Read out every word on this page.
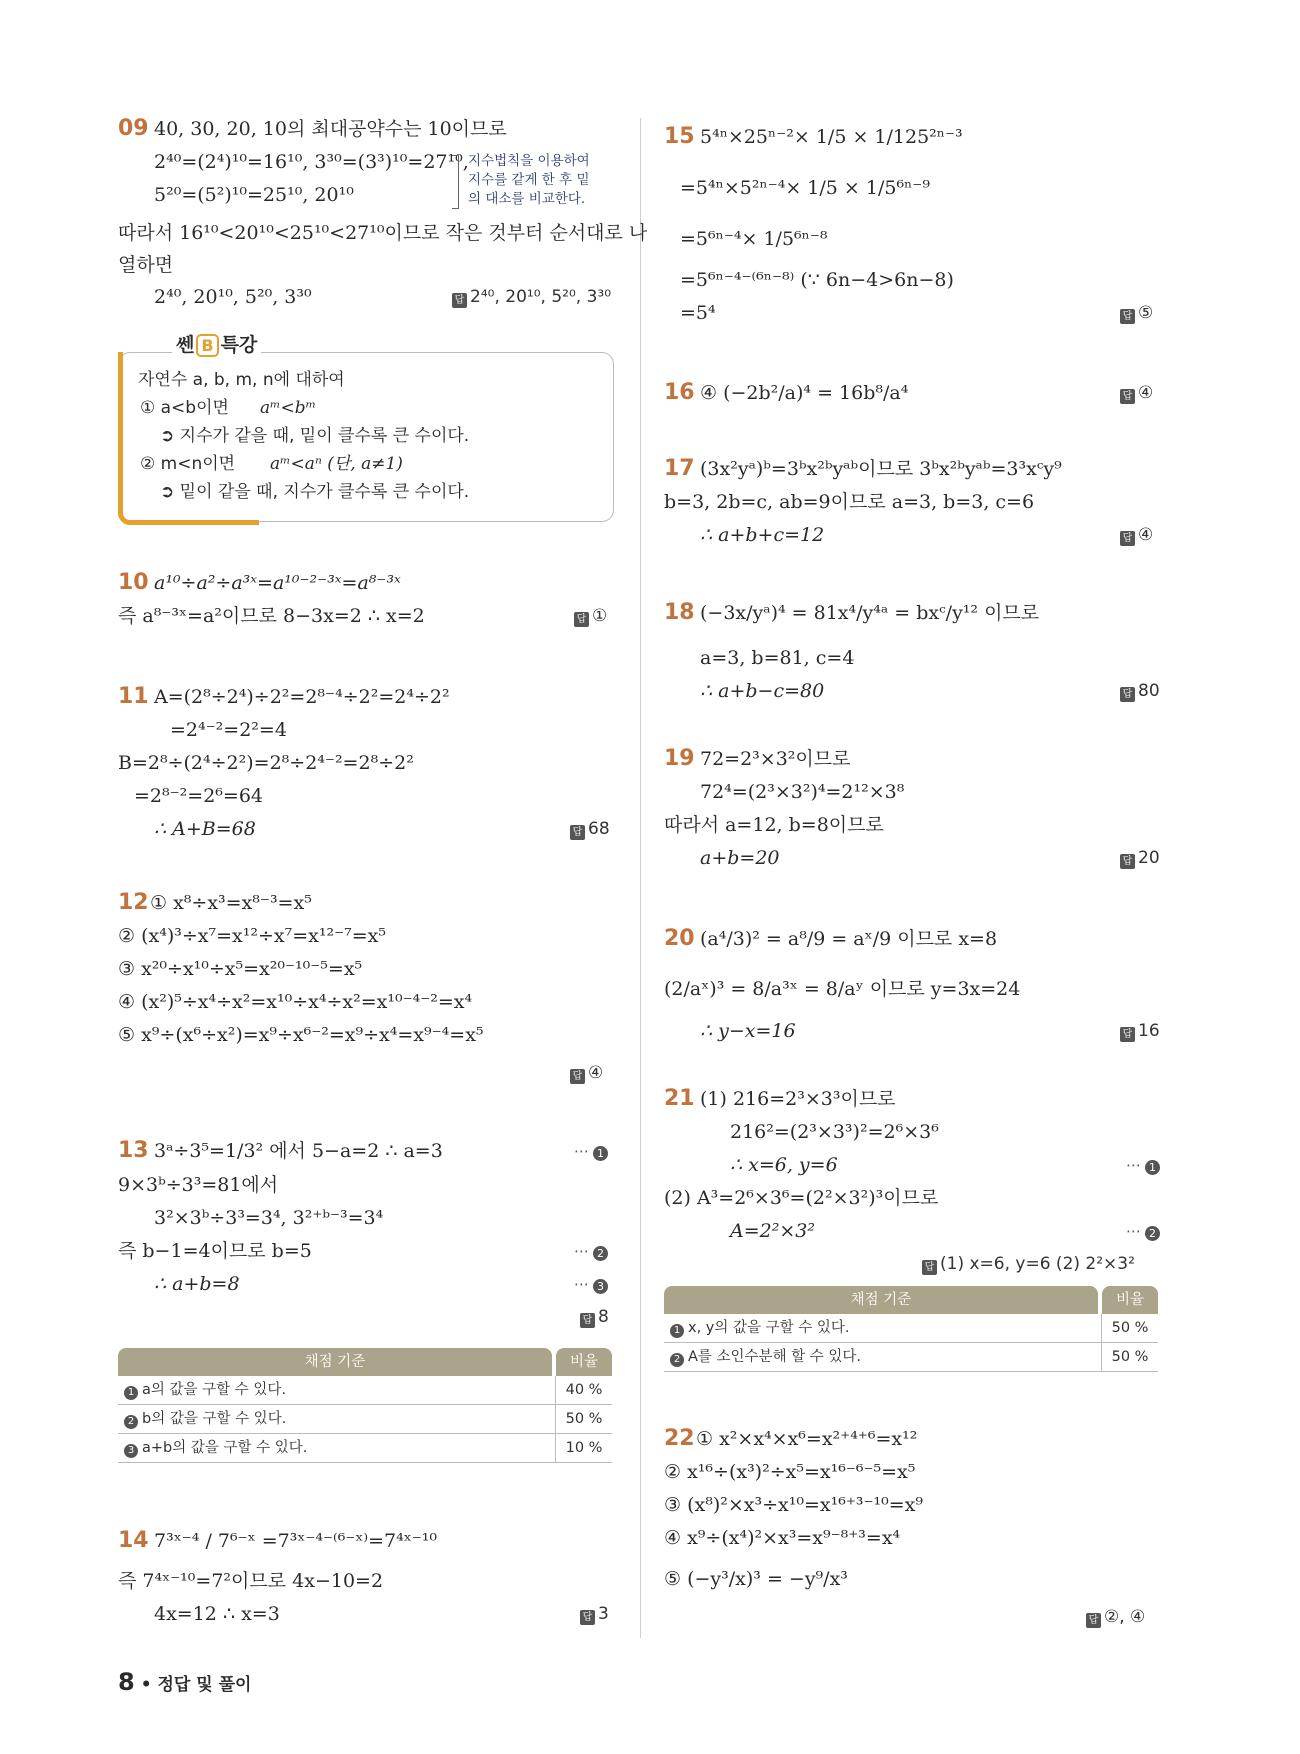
09 40, 30, 20, 10의 최대공약수는 10이므로
2⁴⁰=(2⁴)¹⁰=16¹⁰, 3³⁰=(3³)¹⁰=27¹⁰,
5²⁰=(5²)¹⁰=25¹⁰, 20¹⁰
지수법칙을 이용하여
지수를 같게 한 후 밑
의 대소를 비교한다.
따라서 16¹⁰<20¹⁰<25¹⁰<27¹⁰이므로 작은 것부터 순서대로 나
열하면
2⁴⁰, 20¹⁰, 5²⁰, 3³⁰	답 2⁴⁰, 20¹⁰, 5²⁰, 3³⁰
쎈 B 특강
자연수 a, b, m, n에 대하여
① a<b이면 aᵐ<bᵐ
➲ 지수가 같을 때, 밑이 클수록 큰 수이다.
② m<n이면 aᵐ<aⁿ (단, a≠1)
➲ 밑이 같을 때, 지수가 클수록 큰 수이다.
10 a¹⁰÷a²÷a³ˣ=a¹⁰⁻²⁻³ˣ=a⁸⁻³ˣ
즉 a⁸⁻³ˣ=a²이므로 8−3x=2 ∴ x=2	답 ①
11 A=(2⁸÷2⁴)÷2²=2⁸⁻⁴÷2²=2⁴÷2²
=2⁴⁻²=2²=4
B=2⁸÷(2⁴÷2²)=2⁸÷2⁴⁻²=2⁸÷2²
=2⁸⁻²=2⁶=64
∴ A+B=68	답 68
12 ① x⁸÷x³=x⁸⁻³=x⁵
② (x⁴)³÷x⁷=x¹²÷x⁷=x¹²⁻⁷=x⁵
③ x²⁰÷x¹⁰÷x⁵=x²⁰⁻¹⁰⁻⁵=x⁵
④ (x²)⁵÷x⁴÷x²=x¹⁰÷x⁴÷x²=x¹⁰⁻⁴⁻²=x⁴
⑤ x⁹÷(x⁶÷x²)=x⁹÷x⁶⁻²=x⁹÷x⁴=x⁹⁻⁴=x⁵
답 ④
13 3ᵃ÷3⁵=1/3² 에서 5−a=2 ∴ a=3	⋯ 1
9×3ᵇ÷3³=81에서
3²×3ᵇ÷3³=3⁴, 3²⁺ᵇ⁻³=3⁴
즉 b−1=4이므로 b=5	⋯ 2
∴ a+b=8	⋯ 3
답 8
채점 기준	비율
1 a의 값을 구할 수 있다.	40 %
2 b의 값을 구할 수 있다.	50 %
3 a+b의 값을 구할 수 있다.	10 %
14 7³ˣ⁻⁴ / 7⁶⁻ˣ =7³ˣ⁻⁴⁻⁽⁶⁻ˣ⁾=7⁴ˣ⁻¹⁰
즉 7⁴ˣ⁻¹⁰=7²이므로 4x−10=2
4x=12 ∴ x=3	답 3
8 • 정답 및 풀이
15 5⁴ⁿ×25ⁿ⁻²× 1/5 × 1/125²ⁿ⁻³
=5⁴ⁿ×5²ⁿ⁻⁴× 1/5 × 1/5⁶ⁿ⁻⁹
=5⁶ⁿ⁻⁴× 1/5⁶ⁿ⁻⁸
=5⁶ⁿ⁻⁴⁻⁽⁶ⁿ⁻⁸⁾ (∵ 6n−4>6n−8)
=5⁴	답 ⑤
16 ④ (−2b²/a)⁴ = 16b⁸/a⁴	답 ④
17 (3x²yᵃ)ᵇ=3ᵇx²ᵇyᵃᵇ이므로 3ᵇx²ᵇyᵃᵇ=3³xᶜy⁹
b=3, 2b=c, ab=9이므로 a=3, b=3, c=6
∴ a+b+c=12	답 ④
18 (−3x/yᵃ)⁴ = 81x⁴/y⁴ᵃ = bxᶜ/y¹² 이므로
a=3, b=81, c=4
∴ a+b−c=80	답 80
19 72=2³×3²이므로
72⁴=(2³×3²)⁴=2¹²×3⁸
따라서 a=12, b=8이므로
a+b=20	답 20
20 (a⁴/3)² = a⁸/9 = aˣ/9 이므로 x=8
(2/aˣ)³ = 8/a³ˣ = 8/aʸ 이므로 y=3x=24
∴ y−x=16	답 16
21 (1) 216=2³×3³이므로
216²=(2³×3³)²=2⁶×3⁶
∴ x=6, y=6	⋯ 1
(2) A³=2⁶×3⁶=(2²×3²)³이므로
A=2²×3²	⋯ 2
답 (1) x=6, y=6 (2) 2²×3²
채점 기준	비율
1 x, y의 값을 구할 수 있다.	50 %
2 A를 소인수분해 할 수 있다.	50 %
22 ① x²×x⁴×x⁶=x²⁺⁴⁺⁶=x¹²
② x¹⁶÷(x³)²÷x⁵=x¹⁶⁻⁶⁻⁵=x⁵
③ (x⁸)²×x³÷x¹⁰=x¹⁶⁺³⁻¹⁰=x⁹
④ x⁹÷(x⁴)²×x³=x⁹⁻⁸⁺³=x⁴
⑤ (−y³/x)³ = −y⁹/x³
답 ②, ④
